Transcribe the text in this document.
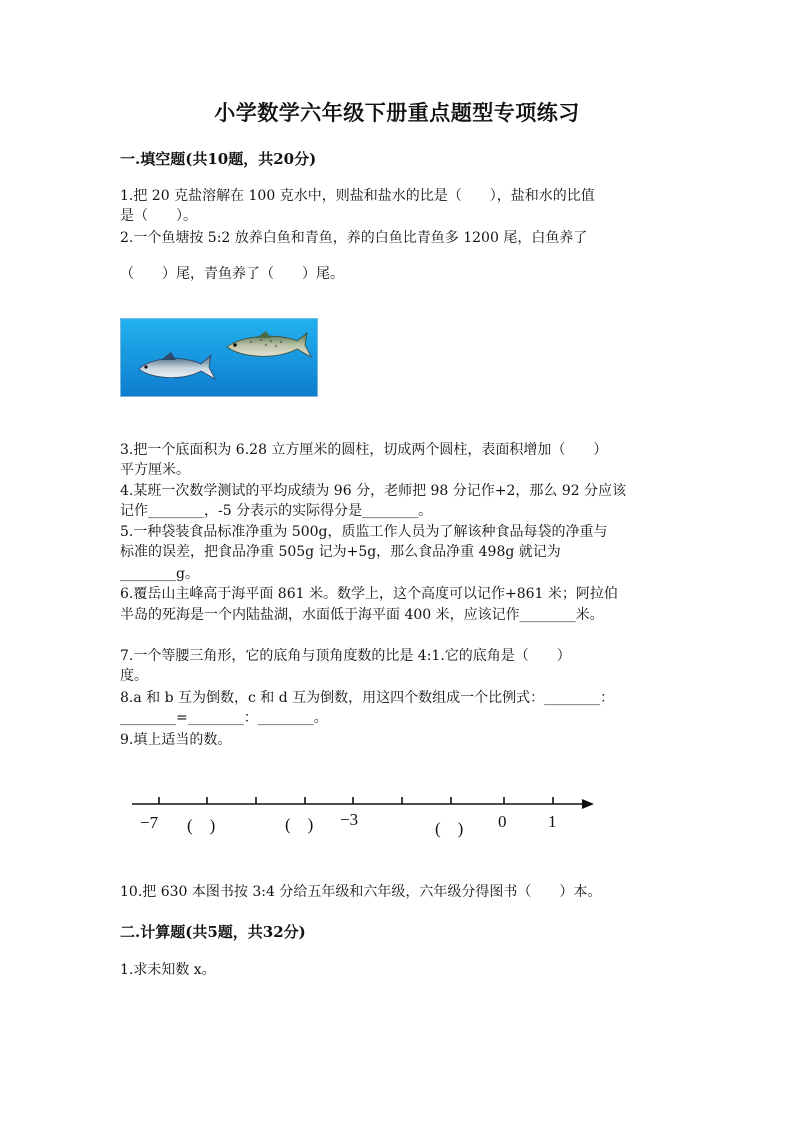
小学数学六年级下册重点题型专项练习
一.填空题(共10题，共20分)
1.把 20 克盐溶解在 100 克水中，则盐和盐水的比是（　　），盐和水的比值
是（　　）。
2.一个鱼塘按 5:2 放养白鱼和青鱼，养的白鱼比青鱼多 1200 尾，白鱼养了
（　　）尾，青鱼养了（　　）尾。
3.把一个底面积为 6.28 立方厘米的圆柱，切成两个圆柱，表面积增加（　　）
平方厘米。
4.某班一次数学测试的平均成绩为 96 分，老师把 98 分记作+2，那么 92 分应该
记作________，-5 分表示的实际得分是________。
5.一种袋装食品标准净重为 500g，质监工作人员为了解该种食品每袋的净重与
标准的误差，把食品净重 505g 记为+5g，那么食品净重 498g 就记为
________g。
6.覆岳山主峰高于海平面 861 米。数学上，这个高度可以记作+861 米；阿拉伯
半岛的死海是一个内陆盐湖，水面低于海平面 400 米，应该记作________米。
7.一个等腰三角形，它的底角与顶角度数的比是 4:1.它的底角是（　　）
度。
8.a 和 b 互为倒数，c 和 d 互为倒数，用这四个数组成一个比例式：________：
________=________：________。
9.填上适当的数。
−7 (　)	(　) −3	(　) 0 1
10.把 630 本图书按 3:4 分给五年级和六年级，六年级分得图书（　　）本。
二.计算题(共5题，共32分)
1.求未知数 x。
